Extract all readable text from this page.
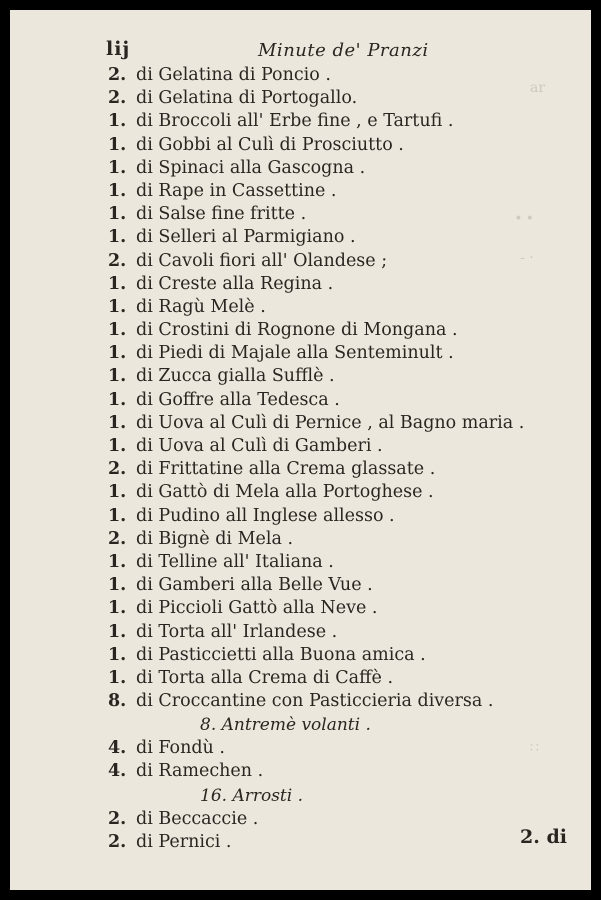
lij	Minute de' Pranzi
ar
∙ ∙
- ·
∷
2. di Gelatina di Poncio .
2. di Gelatina di Portogallo.
1. di Broccoli all' Erbe fine , e Tartufi .
1. di Gobbi al Culì di Prosciutto .
1. di Spinaci alla Gascogna .
1. di Rape in Cassettine .
1. di Salse fine fritte .
1. di Selleri al Parmigiano .
2. di Cavoli fiori all' Olandese ;
1. di Creste alla Regina .
1. di Ragù Melè .
1. di Crostini di Rognone di Mongana .
1. di Piedi di Majale alla Senteminult .
1. di Zucca gialla Sufflè .
1. di Goffre alla Tedesca .
1. di Uova al Culì di Pernice , al Bagno maria .
1. di Uova al Culì di Gamberi .
2. di Frittatine alla Crema glassate .
1. di Gattò di Mela alla Portoghese .
1. di Pudino all Inglese allesso .
2. di Bignè di Mela .
1. di Telline all' Italiana .
1. di Gamberi alla Belle Vue .
1. di Piccioli Gattò alla Neve .
1. di Torta all' Irlandese .
1. di Pasticcietti alla Buona amica .
1. di Torta alla Crema di Caffè .
8. di Croccantine con Pasticcieria diversa .
8. Antremè volanti .
4. di Fondù .
4. di Ramechen .
16. Arrosti .
2. di Beccaccie .
2. di Pernici .	2. di
